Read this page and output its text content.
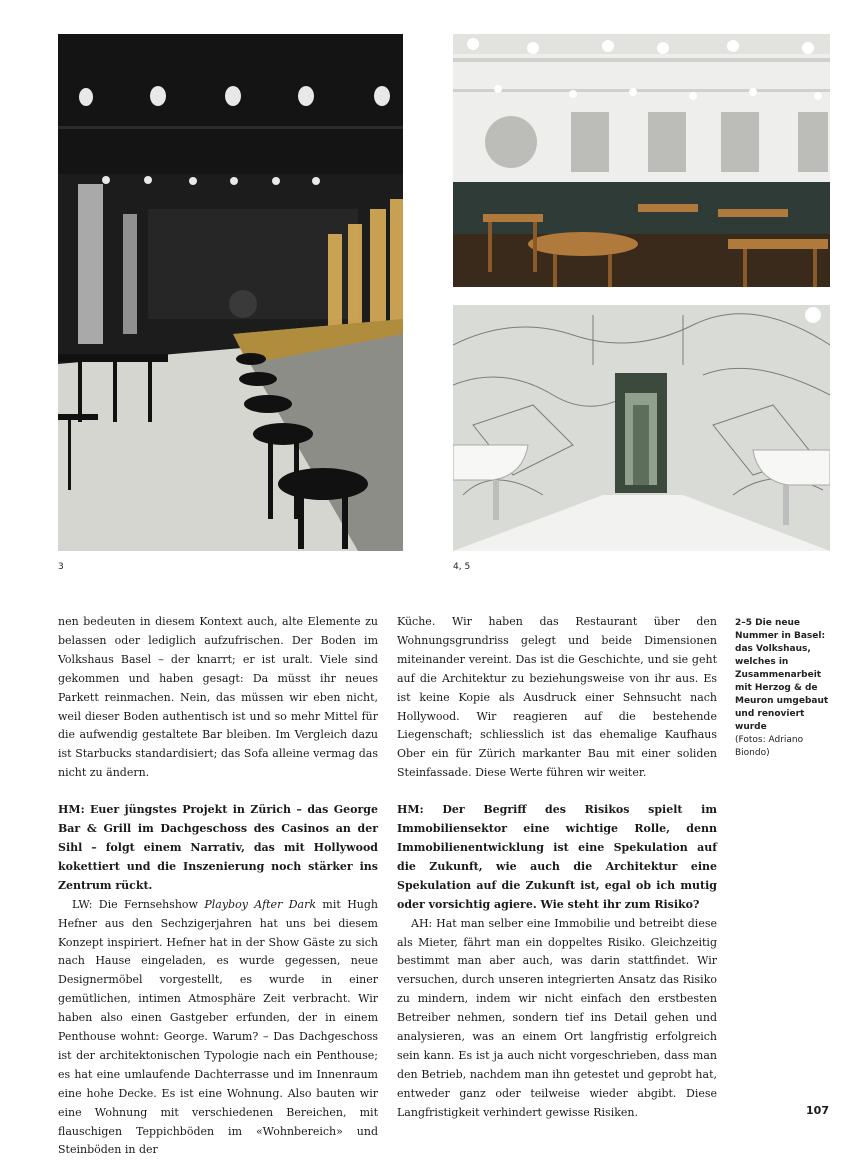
3	4, 5

nen bedeuten in diesem Kontext auch, alte Elemente zu belassen oder lediglich aufzufrischen. Der Boden im Volkshaus Basel – der knarrt; er ist uralt. Viele sind gekommen und haben gesagt: Da müsst ihr neues Parkett reinmachen. Nein, das müssen wir eben nicht, weil dieser Boden authentisch ist und so mehr Mittel für die aufwendig gestaltete Bar bleiben. Im Vergleich dazu ist Starbucks standardisiert; das Sofa alleine vermag das nicht zu ändern.

HM: Euer jüngstes Projekt in Zürich – das George Bar & Grill im Dachgeschoss des Casinos an der Sihl – folgt einem Narrativ, das mit Hollywood kokettiert und die Inszenierung noch stärker ins Zentrum rückt.

LW: Die Fernsehshow Playboy After Dark mit Hugh Hefner aus den Sechzigerjahren hat uns bei diesem Konzept inspiriert. Hefner hat in der Show Gäste zu sich nach Hause eingeladen, es wurde gegessen, neue Designermöbel vorgestellt, es wurde in einer gemütlichen, intimen Atmosphäre Zeit verbracht. Wir haben also einen Gastgeber erfunden, der in einem Penthouse wohnt: George. Warum? – Das Dachgeschoss ist der architektonischen Typologie nach ein Penthouse; es hat eine umlaufende Dachterrasse und im Innenraum eine hohe Decke. Es ist eine Wohnung. Also bauten wir eine Wohnung mit verschiedenen Bereichen, mit flauschigen Teppichböden im «Wohnbereich» und Steinböden in der

Küche. Wir haben das Restaurant über den Wohnungsgrundriss gelegt und beide Dimensionen miteinander vereint. Das ist die Geschichte, und sie geht auf die Architektur zu beziehungsweise von ihr aus. Es ist keine Kopie als Ausdruck einer Sehnsucht nach Hollywood. Wir reagieren auf die bestehende Liegenschaft; schliesslich ist das ehemalige Kaufhaus Ober ein für Zürich markanter Bau mit einer soliden Steinfassade. Diese Werte führen wir weiter.

HM: Der Begriff des Risikos spielt im Immobiliensektor eine wichtige Rolle, denn Immobilienentwicklung ist eine Spekulation auf die Zukunft, wie auch die Architektur eine Spekulation auf die Zukunft ist, egal ob ich mutig oder vorsichtig agiere. Wie steht ihr zum Risiko?

AH: Hat man selber eine Immobilie und betreibt diese als Mieter, fährt man ein doppeltes Risiko. Gleichzeitig bestimmt man aber auch, was darin stattfindet. Wir versuchen, durch unseren integrierten Ansatz das Risiko zu mindern, indem wir nicht einfach den erstbesten Betreiber nehmen, sondern tief ins Detail gehen und analysieren, was an einem Ort langfristig erfolgreich sein kann. Es ist ja auch nicht vorgeschrieben, dass man den Betrieb, nachdem man ihn getestet und geprobt hat, entweder ganz oder teilweise wieder abgibt. Diese Langfristigkeit verhindert gewisse Risiken.

2–5 Die neue Nummer in Basel: das Volkshaus, welches in Zusammenarbeit mit Herzog & de Meuron umgebaut und renoviert wurde
(Fotos: Adriano Biondo)
107
